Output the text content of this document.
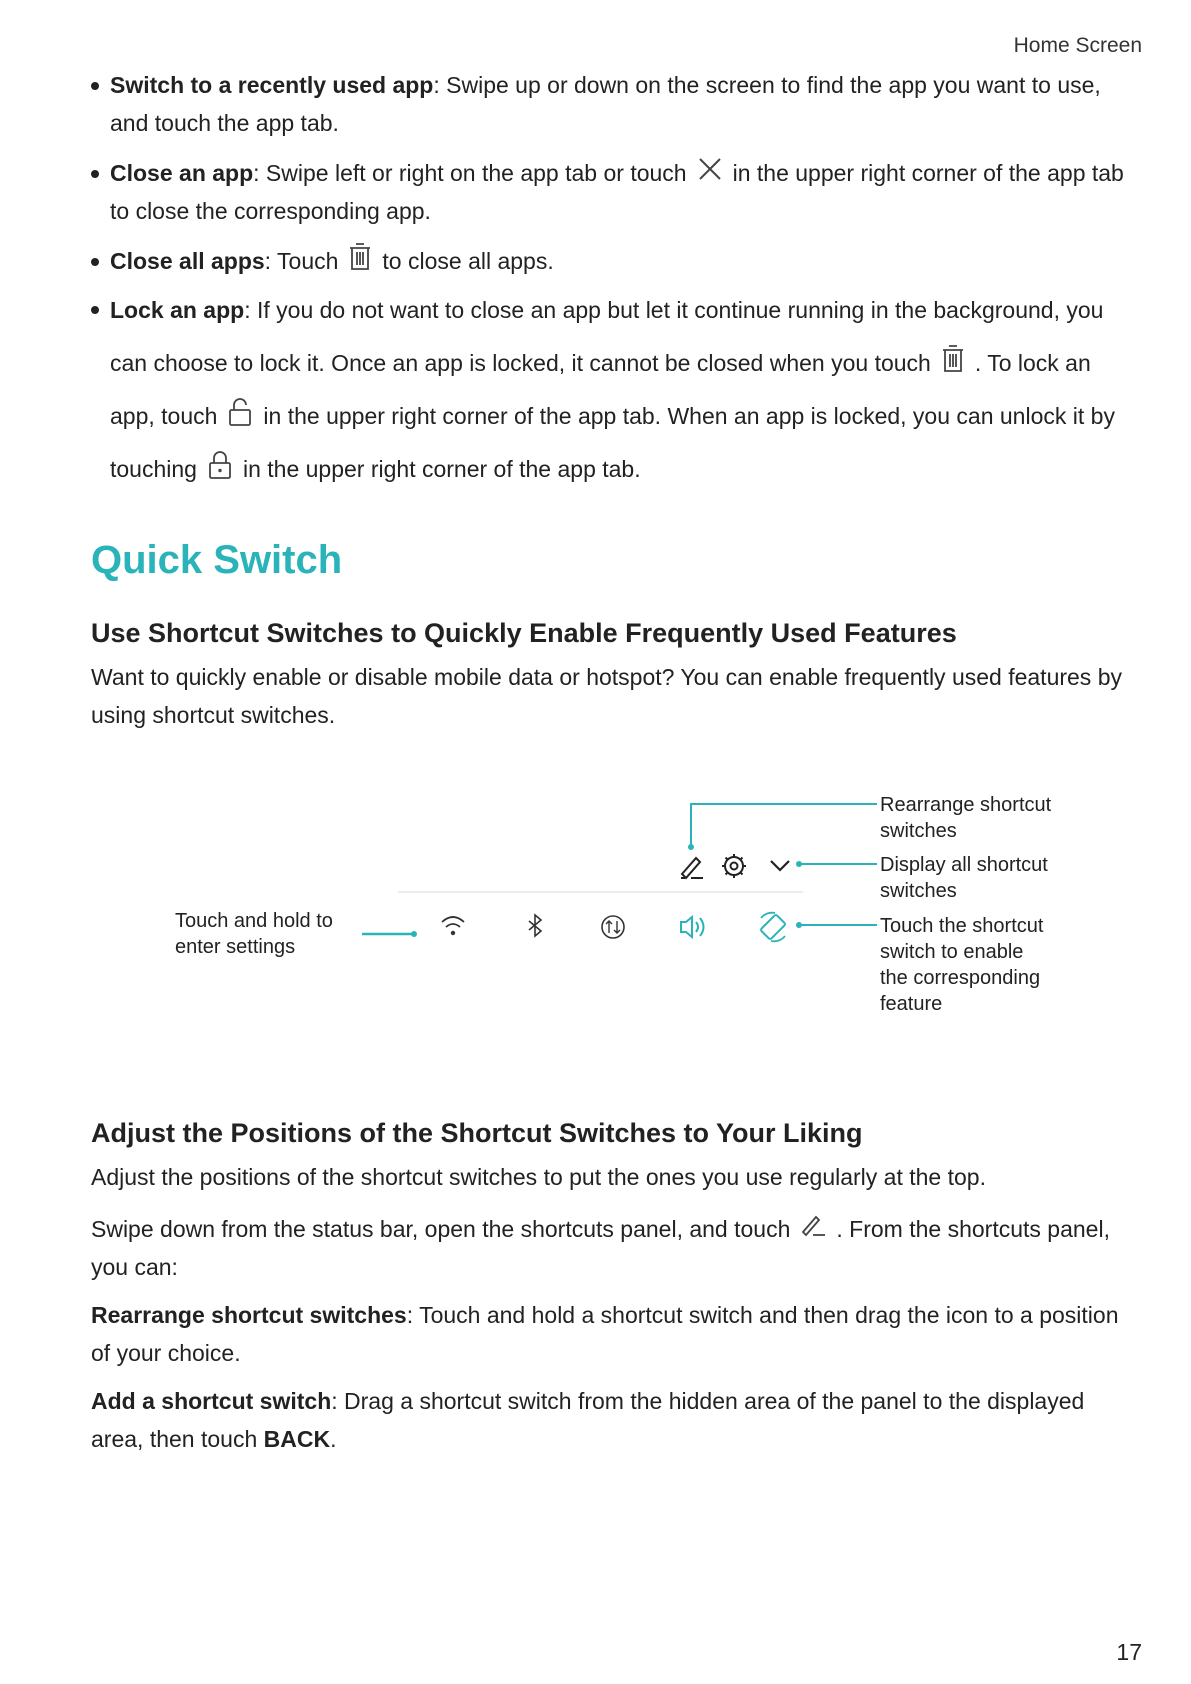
Home Screen
Switch to a recently used app: Swipe up or down on the screen to find the app you want to use, and touch the app tab.
Close an app: Swipe left or right on the app tab or touch in the upper right corner of the app tab to close the corresponding app.
Close all apps: Touch to close all apps.
Lock an app: If you do not want to close an app but let it continue running in the background, you can choose to lock it. Once an app is locked, it cannot be closed when you touch . To lock an app, touch in the upper right corner of the app tab. When an app is locked, you can unlock it by touching in the upper right corner of the app tab.
Quick Switch
Use Shortcut Switches to Quickly Enable Frequently Used Features

Want to quickly enable or disable mobile data or hotspot? You can enable frequently used features by using shortcut switches.

Touch and hold to
enter settings
Rearrange shortcut
switches
Display all shortcut
switches
Touch the shortcut
switch to enable
the corresponding
feature
Adjust the Positions of the Shortcut Switches to Your Liking

Adjust the positions of the shortcut switches to put the ones you use regularly at the top.

Swipe down from the status bar, open the shortcuts panel, and touch . From the shortcuts panel, you can:

Rearrange shortcut switches: Touch and hold a shortcut switch and then drag the icon to a position of your choice.

Add a shortcut switch: Drag a shortcut switch from the hidden area of the panel to the displayed area, then touch BACK.

17
